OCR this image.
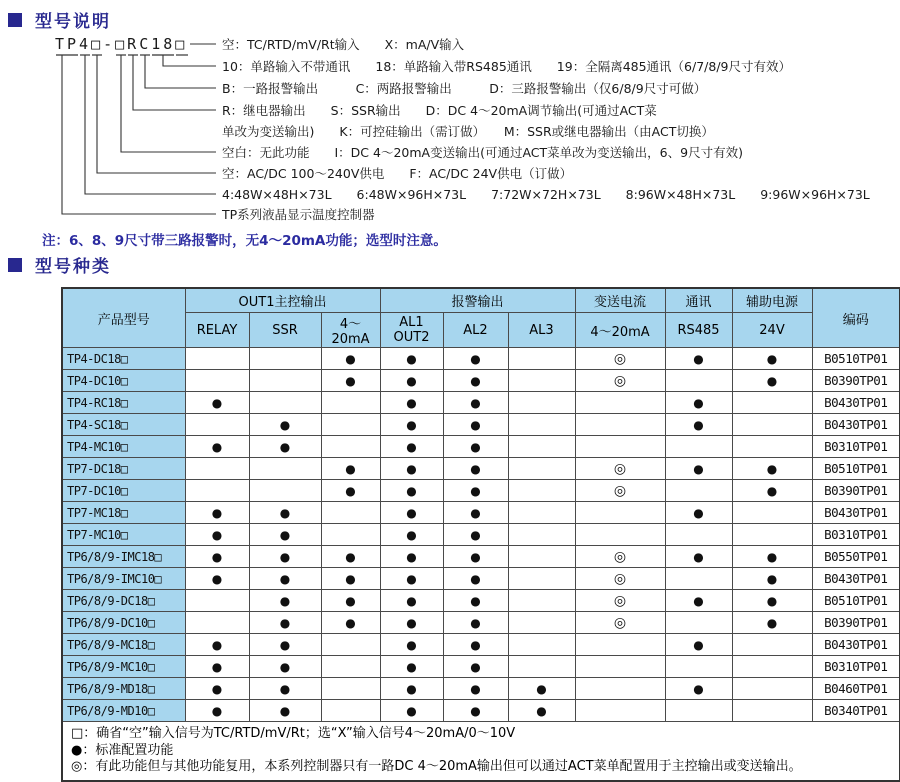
型号说明
TP4□-□RC18□	空：TC/RTD/mV/Rt输入　　X：mA/V输入
10：单路输入不带通讯　　18：单路输入带RS485通讯　　19：全隔离485通讯（6/7/8/9尺寸有效）
B：一路报警输出　　　C：两路报警输出　　　D：三路报警输出（仅6/8/9尺寸可做）
R：继电器输出　　S：SSR输出　　D：DC 4～20mA调节输出(可通过ACT菜
单改为变送输出)　　K：可控硅输出（需订做）　　M：SSR或继电器输出（由ACT切换）
空白：无此功能　　I：DC 4～20mA变送输出(可通过ACT菜单改为变送输出，6、9尺寸有效)
空：AC/DC 100～240V供电　　F：AC/DC 24V供电（订做）
4:48W×48H×73L　　6:48W×96H×73L　　7:72W×72H×73L　　8:96W×48H×73L　　9:96W×96H×73L
TP系列液晶显示温度控制器
注：6、8、9尺寸带三路报警时，无4～20mA功能；选型时注意。
型号种类
产品型号	OUT1主控输出			报警输出			变送电流	通讯	辅助电源	编码
	RELAY	SSR	4～20mA	AL1 OUT2	AL2	AL3	4～20mA	RS485	24V	
TP4-DC18□			●	●	●		◎	●	●	B0510TP01
TP4-DC10□			●	●	●		◎		●	B0390TP01
TP4-RC18□	●			●	●			●		B0430TP01
TP4-SC18□		●		●	●			●		B0430TP01
TP4-MC10□	●	●		●	●					B0310TP01
TP7-DC18□			●	●	●		◎	●	●	B0510TP01
TP7-DC10□			●	●	●		◎		●	B0390TP01
TP7-MC18□	●	●		●	●			●		B0430TP01
TP7-MC10□	●	●		●	●					B0310TP01
TP6/8/9-IMC18□	●	●	●	●	●		◎	●	●	B0550TP01
TP6/8/9-IMC10□	●	●	●	●	●		◎		●	B0430TP01
TP6/8/9-DC18□		●	●	●	●		◎	●	●	B0510TP01
TP6/8/9-DC10□		●	●	●	●		◎		●	B0390TP01
TP6/8/9-MC18□	●	●		●	●			●		B0430TP01
TP6/8/9-MC10□	●	●		●	●					B0310TP01
TP6/8/9-MD18□	●	●		●	●	●		●		B0460TP01
TP6/8/9-MD10□	●	●		●	●	●				B0340TP01

□：确省“空”输入信号为TC/RTD/mV/Rt；选“X”输入信号4～20mA/0～10V
●：标准配置功能
◎：有此功能但与其他功能复用，本系列控制器只有一路DC 4～20mA输出但可以通过ACT菜单配置用于主控输出或变送输出。										
